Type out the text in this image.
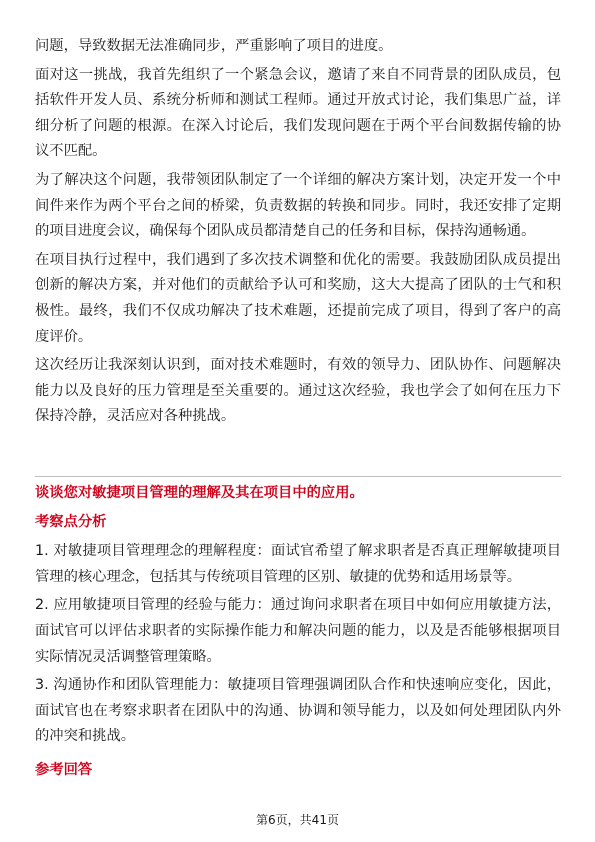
问题，导致数据无法准确同步，严重影响了项目的进度。

面对这一挑战，我首先组织了一个紧急会议，邀请了来自不同背景的团队成员，包括软件开发人员、系统分析师和测试工程师。通过开放式讨论，我们集思广益，详细分析了问题的根源。在深入讨论后，我们发现问题在于两个平台间数据传输的协议不匹配。

为了解决这个问题，我带领团队制定了一个详细的解决方案计划，决定开发一个中间件来作为两个平台之间的桥梁，负责数据的转换和同步。同时，我还安排了定期的项目进度会议，确保每个团队成员都清楚自己的任务和目标，保持沟通畅通。

在项目执行过程中，我们遇到了多次技术调整和优化的需要。我鼓励团队成员提出创新的解决方案，并对他们的贡献给予认可和奖励，这大大提高了团队的士气和积极性。最终，我们不仅成功解决了技术难题，还提前完成了项目，得到了客户的高度评价。

这次经历让我深刻认识到，面对技术难题时，有效的领导力、团队协作、问题解决能力以及良好的压力管理是至关重要的。通过这次经验，我也学会了如何在压力下保持冷静，灵活应对各种挑战。

谈谈您对敏捷项目管理的理解及其在项目中的应用。

考察点分析

1. 对敏捷项目管理理念的理解程度：面试官希望了解求职者是否真正理解敏捷项目管理的核心理念，包括其与传统项目管理的区别、敏捷的优势和适用场景等。

2. 应用敏捷项目管理的经验与能力：通过询问求职者在项目中如何应用敏捷方法，面试官可以评估求职者的实际操作能力和解决问题的能力，以及是否能够根据项目实际情况灵活调整管理策略。

3. 沟通协作和团队管理能力：敏捷项目管理强调团队合作和快速响应变化，因此，面试官也在考察求职者在团队中的沟通、协调和领导能力，以及如何处理团队内外的冲突和挑战。

参考回答

第6页，共41页
